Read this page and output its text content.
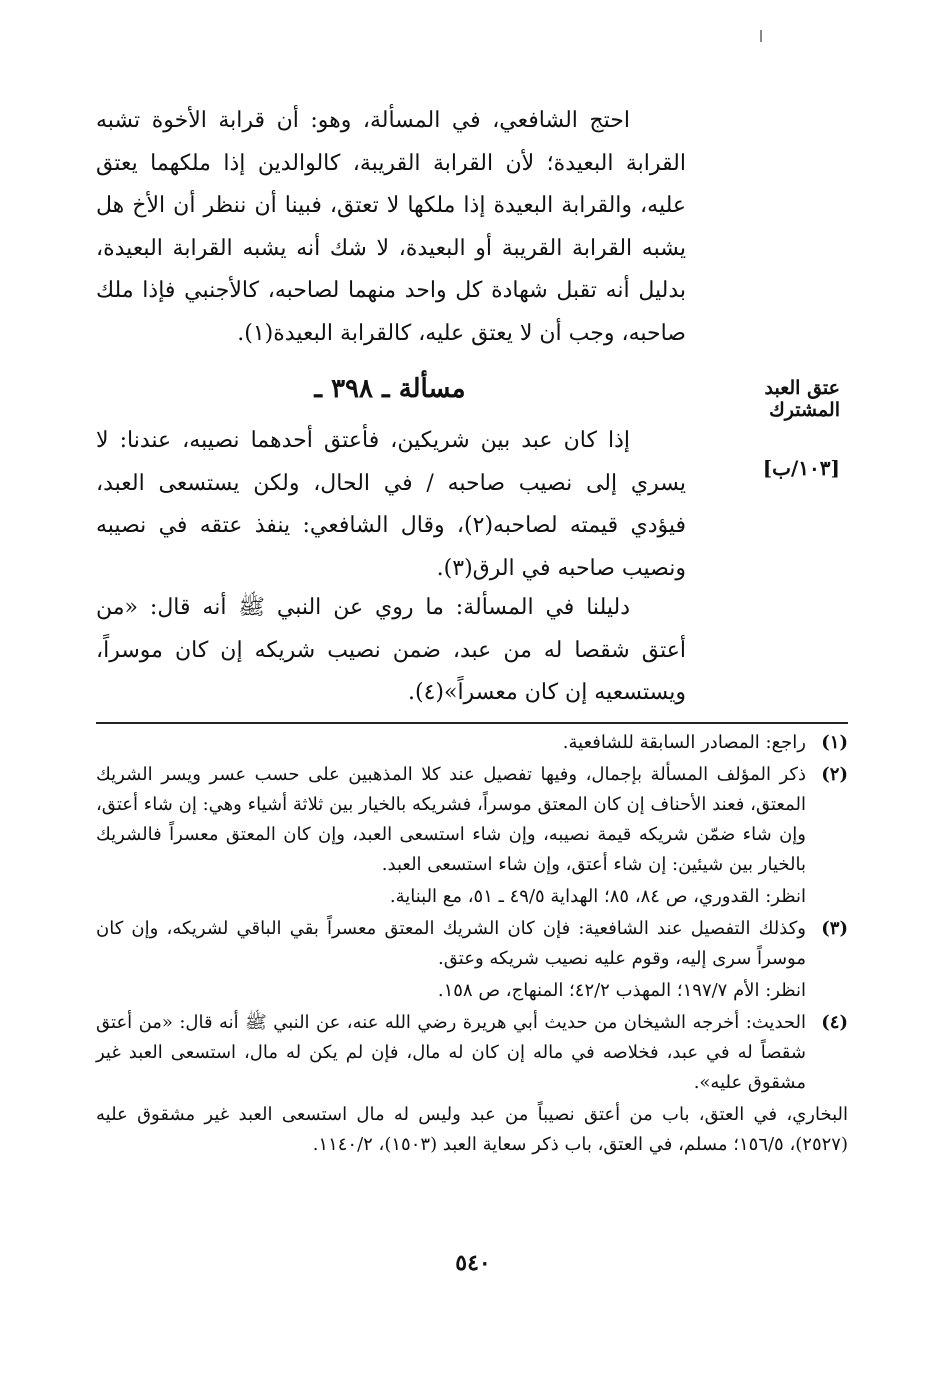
احتج الشافعي، في المسألة، وهو: أن قرابة الأخوة تشبه القرابة البعيدة؛ لأن القرابة القريبة، كالوالدين إذا ملكهما يعتق عليه، والقرابة البعيدة إذا ملكها لا تعتق، فبينا أن ننظر أن الأخ هل يشبه القرابة القريبة أو البعيدة، لا شك أنه يشبه القرابة البعيدة، بدليل أنه تقبل شهادة كل واحد منهما لصاحبه، كالأجنبي فإذا ملك صاحبه، وجب أن لا يعتق عليه، كالقرابة البعيدة(١).

مسألة ـ ٣٩٨ ـ	عتق العبد المشترك
[١٠٣/ب]

إذا كان عبد بين شريكين، فأعتق أحدهما نصيبه، عندنا: لا يسري إلى نصيب صاحبه / في الحال، ولكن يستسعى العبد، فيؤدي قيمته لصاحبه(٢)، وقال الشافعي: ينفذ عتقه في نصيبه ونصيب صاحبه في الرق(٣).

دليلنا في المسألة: ما روي عن النبي ﷺ أنه قال: «من أعتق شقصا له من عبد، ضمن نصيب شريكه إن كان موسراً، ويستسعيه إن كان معسراً»(٤).

(١)
راجع: المصادر السابقة للشافعية.
(٢)
ذكر المؤلف المسألة بإجمال، وفيها تفصيل عند كلا المذهبين على حسب عسر ويسر الشريك المعتق، فعند الأحناف إن كان المعتق موسراً، فشريكه بالخيار بين ثلاثة أشياء وهي: إن شاء أعتق، وإن شاء ضمّن شريكه قيمة نصيبه، وإن شاء استسعى العبد، وإن كان المعتق معسراً فالشريك بالخيار بين شيئين: إن شاء أعتق، وإن شاء استسعى العبد.
انظر: القدوري، ص ٨٤، ٨٥؛ الهداية ٤٩/٥ ـ ٥١، مع البناية.
(٣)
وكذلك التفصيل عند الشافعية: فإن كان الشريك المعتق معسراً بقي الباقي لشريكه، وإن كان موسراً سرى إليه، وقوم عليه نصيب شريكه وعتق.
انظر: الأم ١٩٧/٧؛ المهذب ٤٢/٢؛ المنهاج، ص ١٥٨.
(٤)
الحديث: أخرجه الشيخان من حديث أبي هريرة رضي الله عنه، عن النبي ﷺ أنه قال: «من أعتق شقصاً له في عبد، فخلاصه في ماله إن كان له مال، فإن لم يكن له مال، استسعى العبد غير مشقوق عليه».
البخاري، في العتق، باب من أعتق نصيباً من عبد وليس له مال استسعى العبد غير مشقوق عليه (٢٥٢٧)، ١٥٦/٥؛ مسلم، في العتق، باب ذكر سعاية العبد (١٥٠٣)، ١١٤٠/٢.
٥٤٠
